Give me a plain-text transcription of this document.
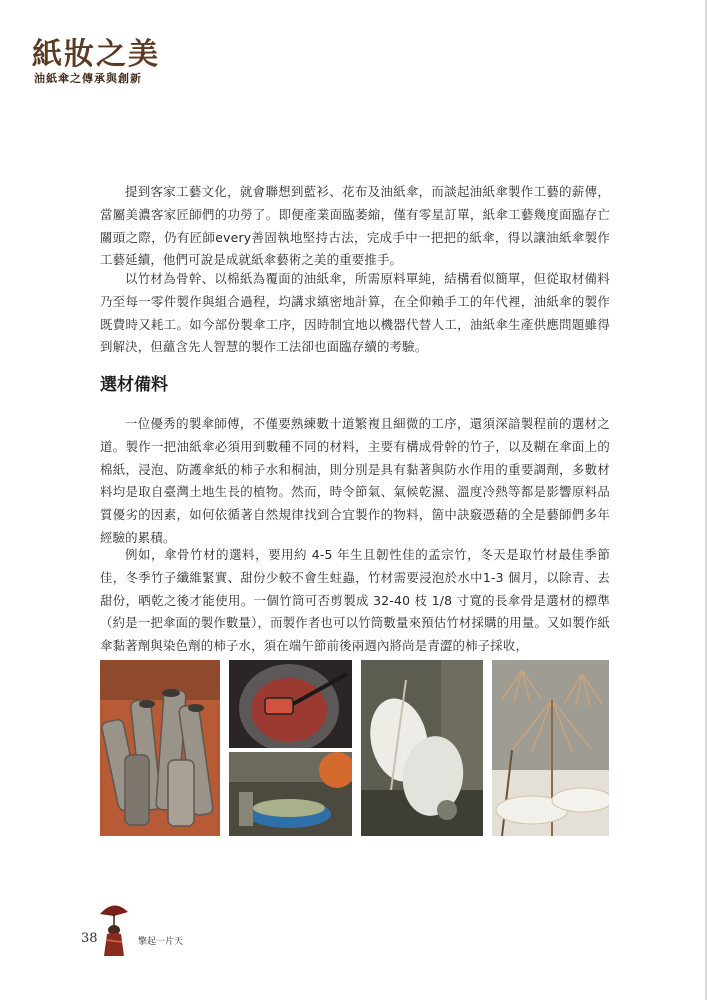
紙妝之美
油紙傘之傳承與創新

提到客家工藝文化，就會聯想到藍衫、花布及油紙傘，而談起油紙傘製作工藝的薪傳，當屬美濃客家匠師們的功勞了。即便產業面臨萎縮，僅有零星訂單，紙傘工藝幾度面臨存亡關頭之際，仍有匠師every善固執地堅持古法，完成手中一把把的紙傘，得以讓油紙傘製作工藝延續，他們可說是成就紙傘藝術之美的重要推手。

以竹材為骨幹、以棉紙為覆面的油紙傘，所需原料單純，結構看似簡單，但從取材備料乃至每一零件製作與組合過程，均講求縝密地計算，在全仰賴手工的年代裡，油紙傘的製作既費時又耗工。如今部份製傘工序，因時制宜地以機器代替人工，油紙傘生產供應問題雖得到解決，但蘊含先人智慧的製作工法卻也面臨存續的考驗。

選材備料

一位優秀的製傘師傅，不僅要熟練數十道繁複且細微的工序，還須深諳製程前的選材之道。製作一把油紙傘必須用到數種不同的材料，主要有構成骨幹的竹子，以及糊在傘面上的棉紙，浸泡、防護傘紙的柿子水和桐油，則分別是具有黏著與防水作用的重要調劑，多數材料均是取自臺灣土地生長的植物。然而，時令節氣、氣候乾濕、溫度冷熱等都是影響原料品質優劣的因素，如何依循著自然規律找到合宜製作的物料，箇中訣竅憑藉的全是藝師們多年經驗的累積。

例如，傘骨竹材的選料，要用約 4-5 年生且韌性佳的孟宗竹，冬天是取竹材最佳季節佳，冬季竹子纖維緊實、甜份少較不會生蛀蟲，竹材需要浸泡於水中1-3 個月，以除青、去甜份，晒乾之後才能使用。一個竹筒可否剪製成 32-40 枝 1/8 寸寬的長傘骨是選材的標準（約是一把傘面的製作數量），而製作者也可以竹筒數量來預估竹材採購的用量。又如製作紙傘黏著劑與染色劑的柿子水，須在端午節前後兩週內將尚是青澀的柿子採收，

38	擎起一片天
